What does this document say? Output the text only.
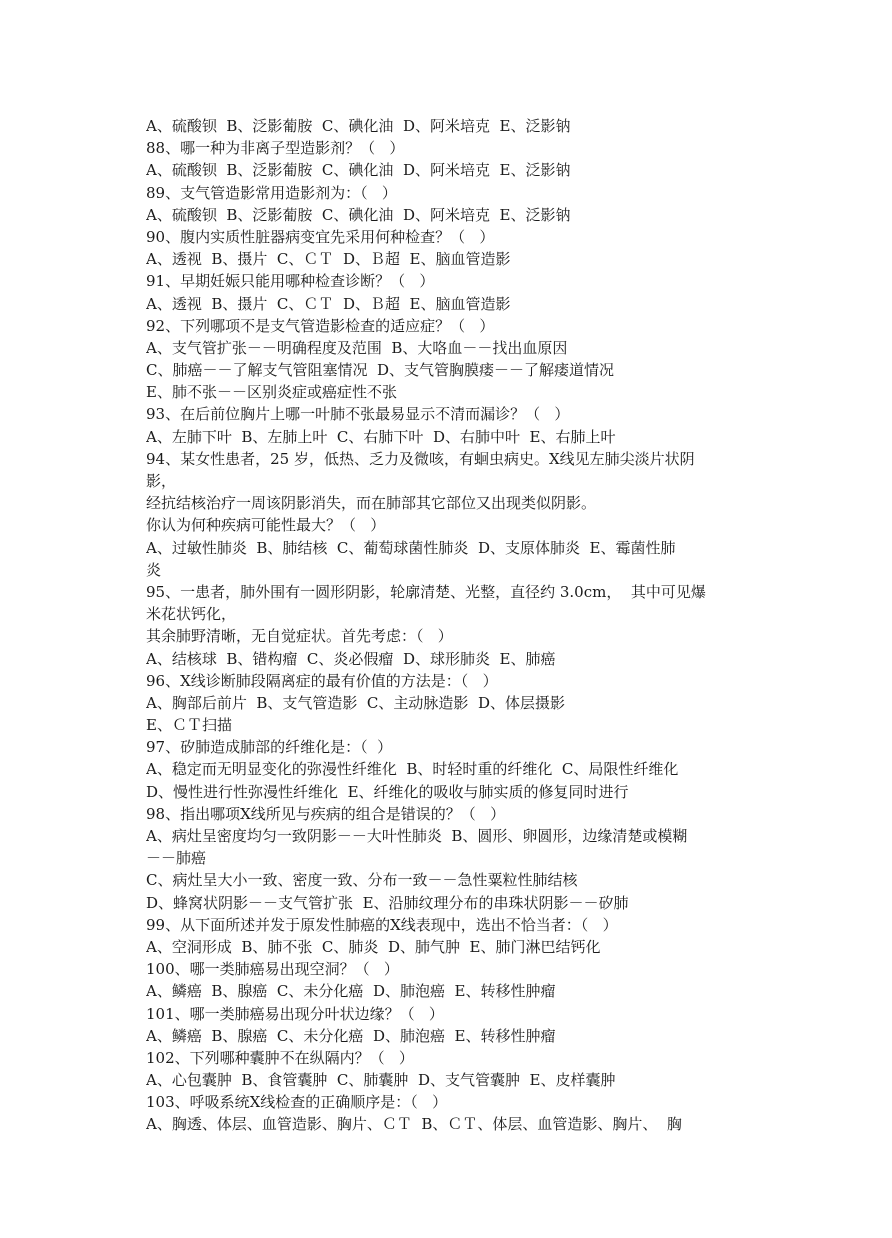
A、硫酸钡  B、泛影葡胺  C、碘化油  D、阿米培克  E、泛影钠
88、哪一种为非离子型造影剂？（   ）
A、硫酸钡  B、泛影葡胺  C、碘化油  D、阿米培克  E、泛影钠
89、支气管造影常用造影剂为：（   ）
A、硫酸钡  B、泛影葡胺  C、碘化油  D、阿米培克  E、泛影钠
90、腹内实质性脏器病变宜先采用何种检查？（   ）
A、透视  B、摄片  C、ＣＴ  D、Ｂ超  E、脑血管造影
91、早期妊娠只能用哪种检查诊断？（   ）
A、透视  B、摄片  C、ＣＴ  D、Ｂ超  E、脑血管造影
92、下列哪项不是支气管造影检查的适应症？（   ）
A、支气管扩张－－明确程度及范围  B、大咯血－－找出血原因
C、肺癌－－了解支气管阻塞情况  D、支气管胸膜瘘－－了解瘘道情况
E、肺不张－－区别炎症或癌症性不张
93、在后前位胸片上哪一叶肺不张最易显示不清而漏诊？（   ）
A、左肺下叶  B、左肺上叶  C、右肺下叶  D、右肺中叶  E、右肺上叶
94、某女性患者，25 岁，低热、乏力及微咳，有蛔虫病史。X线见左肺尖淡片状阴
影，
经抗结核治疗一周该阴影消失，而在肺部其它部位又出现类似阴影。
你认为何种疾病可能性最大？（   ）
A、过敏性肺炎  B、肺结核  C、葡萄球菌性肺炎  D、支原体肺炎  E、霉菌性肺
炎
95、一患者，肺外围有一圆形阴影，轮廓清楚、光整，直径约 3.0cm，  其中可见爆
米花状钙化，
其余肺野清晰，无自觉症状。首先考虑：（   ）
A、结核球  B、错构瘤  C、炎必假瘤  D、球形肺炎  E、肺癌
96、X线诊断肺段隔离症的最有价值的方法是：（   ）
A、胸部后前片  B、支气管造影  C、主动脉造影  D、体层摄影
E、ＣＴ扫描
97、矽肺造成肺部的纤维化是：（  ）
A、稳定而无明显变化的弥漫性纤维化  B、时轻时重的纤维化  C、局限性纤维化
D、慢性进行性弥漫性纤维化  E、纤维化的吸收与肺实质的修复同时进行
98、指出哪项X线所见与疾病的组合是错误的？（   ）
A、病灶呈密度均匀一致阴影－－大叶性肺炎  B、圆形、卵圆形，边缘清楚或模糊
－－肺癌
C、病灶呈大小一致、密度一致、分布一致－－急性粟粒性肺结核
D、蜂窝状阴影－－支气管扩张  E、沿肺纹理分布的串珠状阴影－－矽肺
99、从下面所述并发于原发性肺癌的X线表现中，选出不恰当者：（   ）
A、空洞形成  B、肺不张  C、肺炎  D、肺气肿  E、肺门淋巴结钙化
100、哪一类肺癌易出现空洞？（   ）
A、鳞癌  B、腺癌  C、未分化癌  D、肺泡癌  E、转移性肿瘤
101、哪一类肺癌易出现分叶状边缘？（   ）
A、鳞癌  B、腺癌  C、未分化癌  D、肺泡癌  E、转移性肿瘤
102、下列哪种囊肿不在纵隔内？（   ）
A、心包囊肿  B、食管囊肿  C、肺囊肿  D、支气管囊肿  E、皮样囊肿
103、呼吸系统X线检查的正确顺序是：（   ）
A、胸透、体层、血管造影、胸片、ＣＴ  B、ＣＴ、体层、血管造影、胸片、  胸
